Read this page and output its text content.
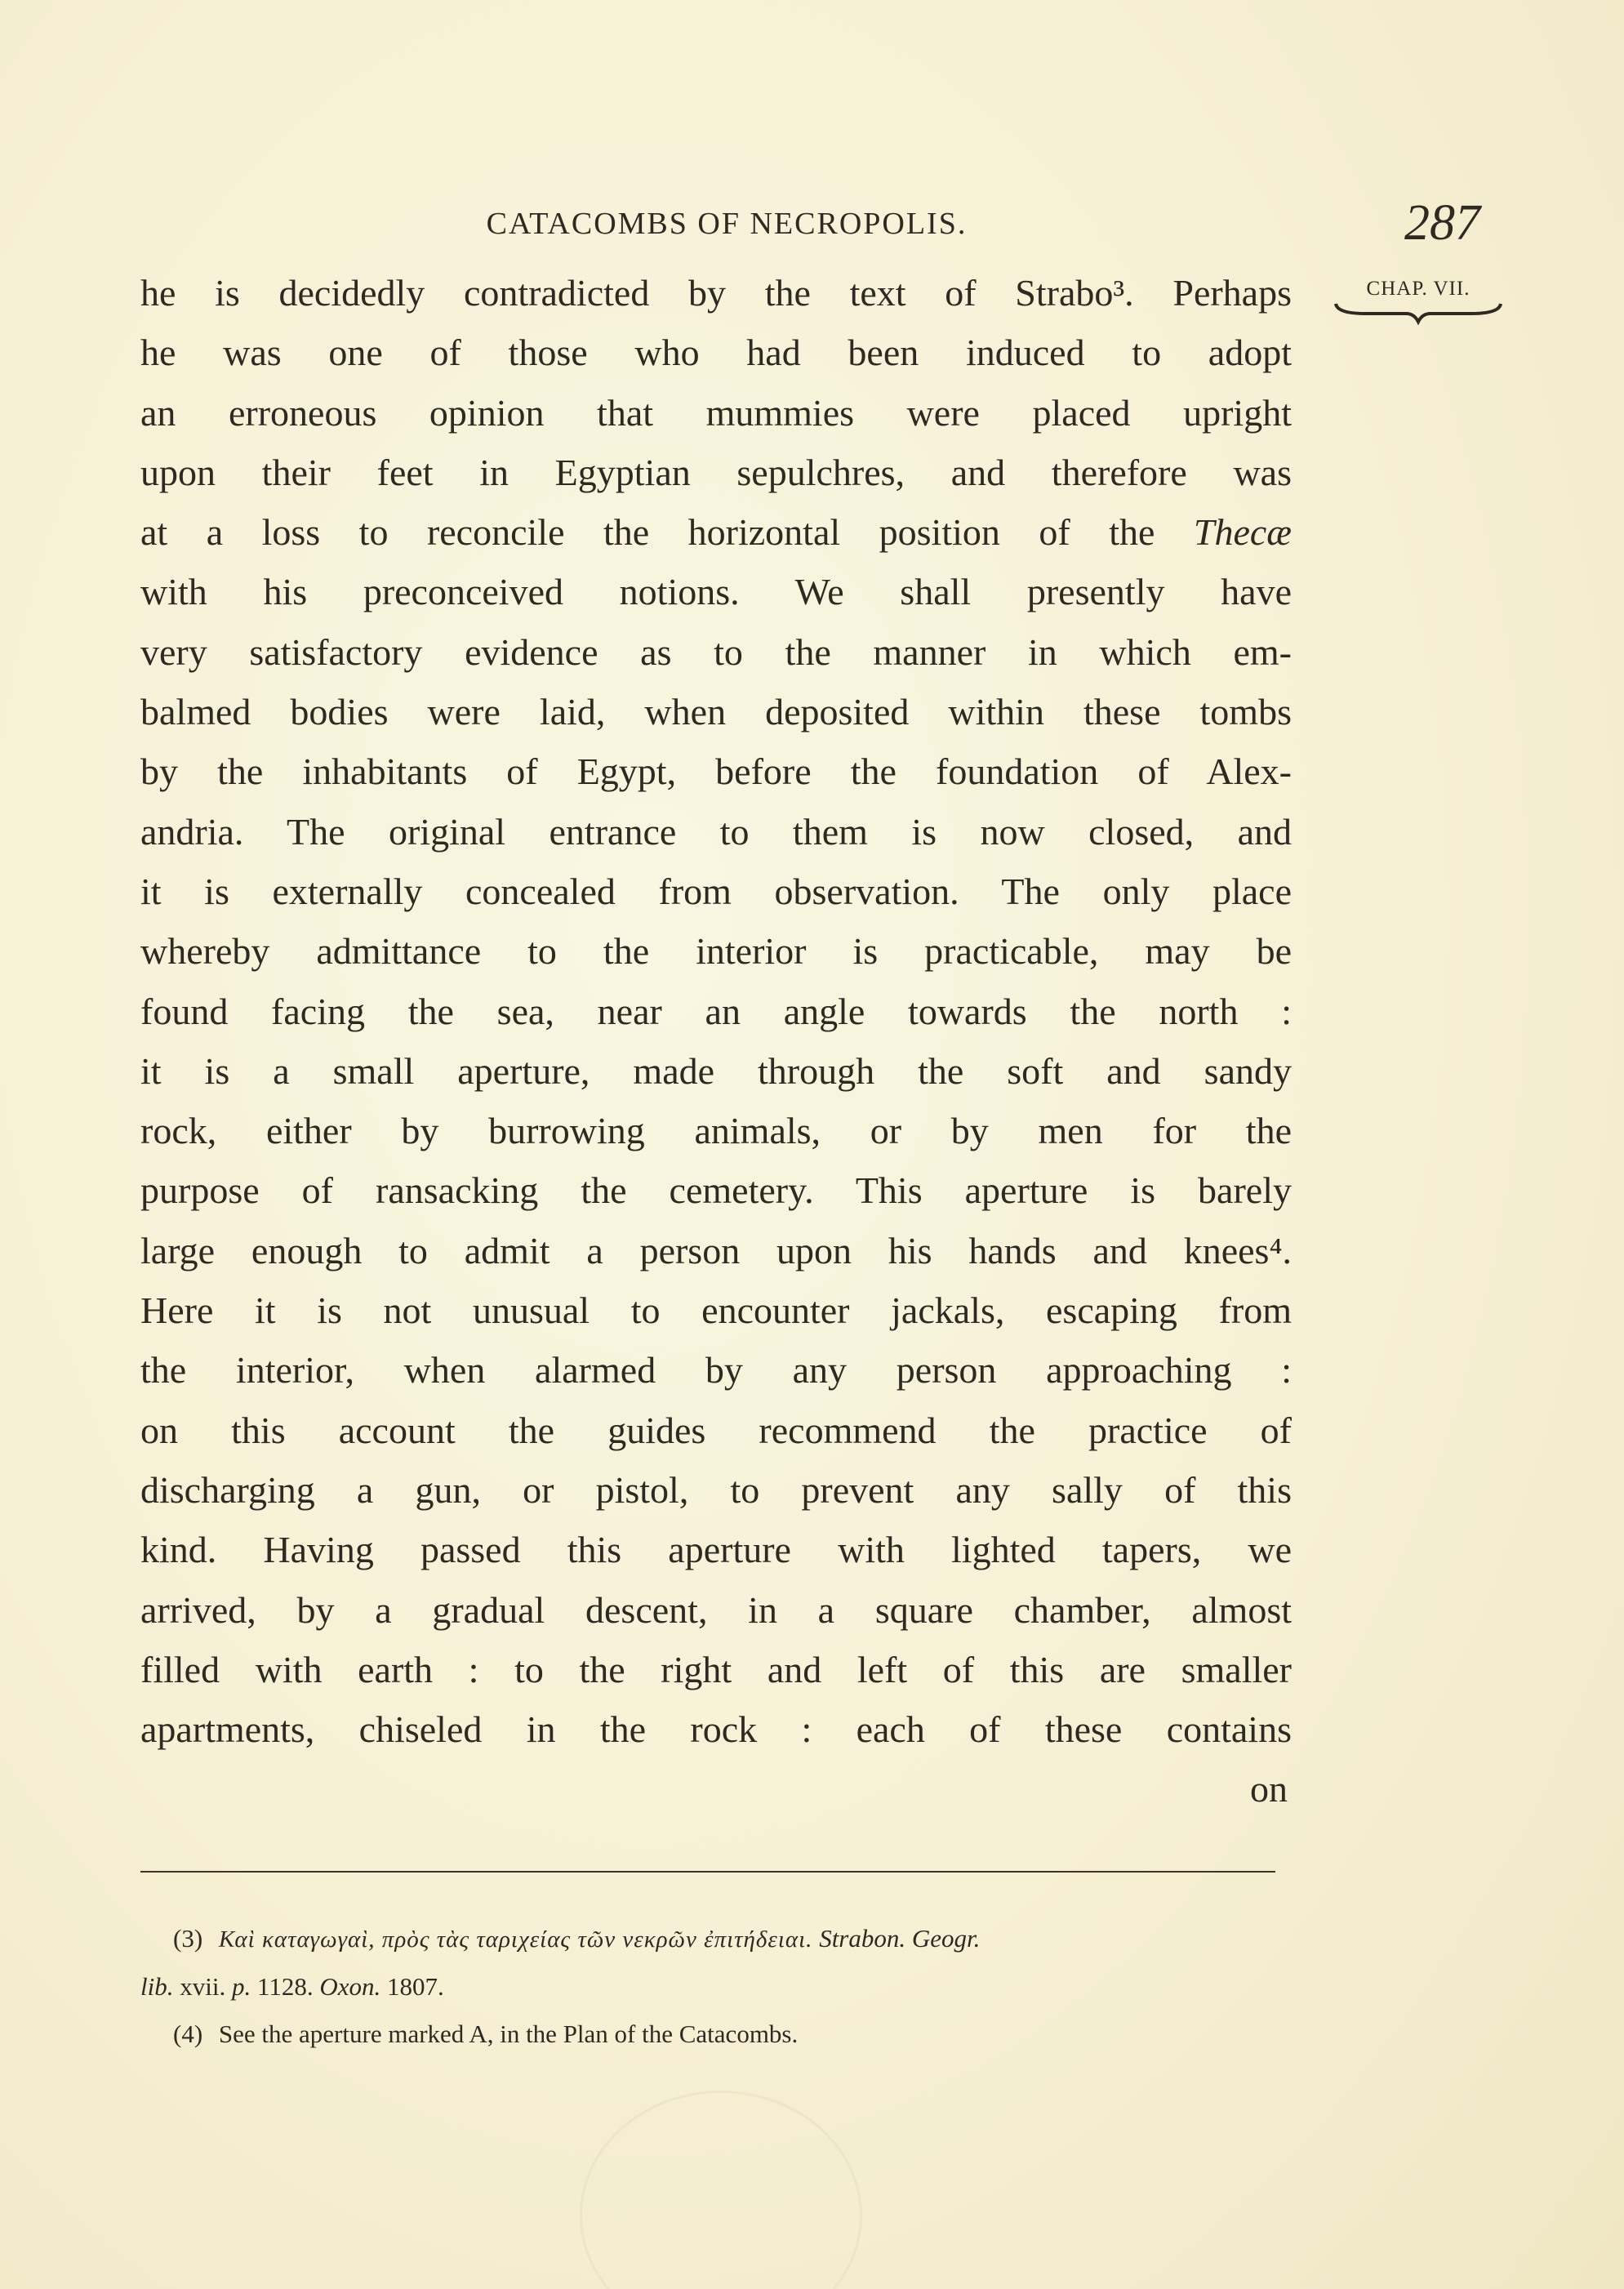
CATACOMBS OF NECROPOLIS.	287
CHAP. VII.
he is decidedly contradicted by the text of Strabo³. Perhaps
he was one of those who had been induced to adopt
an erroneous opinion that mummies were placed upright
upon their feet in Egyptian sepulchres, and therefore was
at a loss to reconcile the horizontal position of the Thecæ
with his preconceived notions. We shall presently have
very satisfactory evidence as to the manner in which em-
balmed bodies were laid, when deposited within these tombs
by the inhabitants of Egypt, before the foundation of Alex-
andria. The original entrance to them is now closed, and
it is externally concealed from observation. The only place
whereby admittance to the interior is practicable, may be
found facing the sea, near an angle towards the north :
it is a small aperture, made through the soft and sandy
rock, either by burrowing animals, or by men for the
purpose of ransacking the cemetery. This aperture is barely
large enough to admit a person upon his hands and knees⁴.
Here it is not unusual to encounter jackals, escaping from
the interior, when alarmed by any person approaching :
on this account the guides recommend the practice of
discharging a gun, or pistol, to prevent any sally of this
kind. Having passed this aperture with lighted tapers, we
arrived, by a gradual descent, in a square chamber, almost
filled with earth : to the right and left of this are smaller
apartments, chiseled in the rock : each of these contains
on
(3) Καὶ καταγωγαὶ, πρὸς τὰς ταριχείας τῶν νεκρῶν ἐπιτήδειαι. Strabon. Geogr.
lib. xvii. p. 1128. Oxon. 1807.
(4) See the aperture marked A, in the Plan of the Catacombs.
